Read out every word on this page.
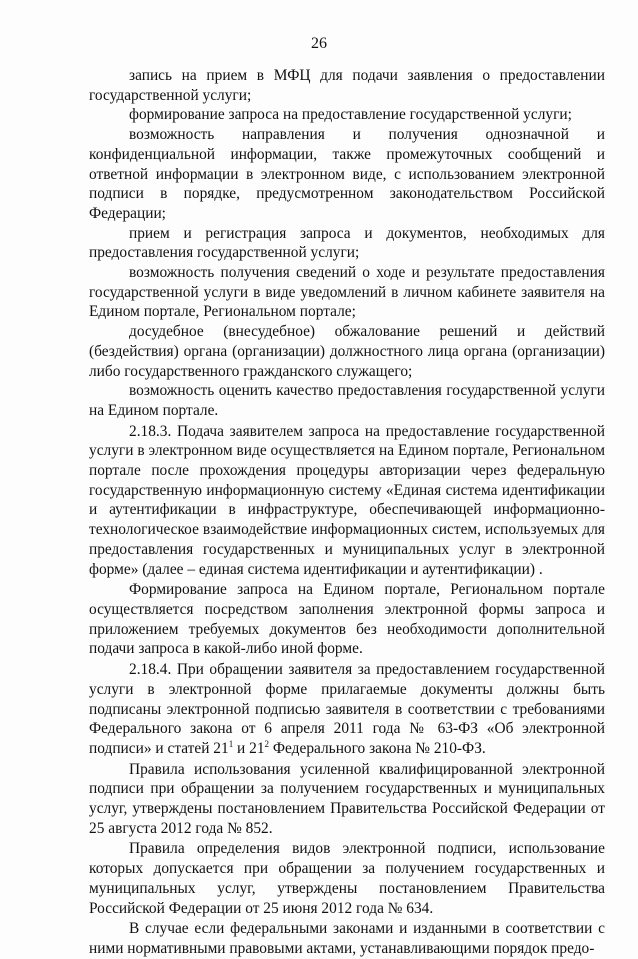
26

запись на прием в МФЦ для подачи заявления о предоставлении государственной услуги;

формирование запроса на предоставление государственной услуги;

возможность направления и получения однозначной и конфиденциальной информации, также промежуточных сообщений и ответной информации в электронном виде, с использованием электронной подписи в порядке, предусмотренном законодательством Российской Федерации;

прием и регистрация запроса и документов, необходимых для предоставления государственной услуги;

возможность получения сведений о ходе и результате предоставления государственной услуги в виде уведомлений в личном кабинете заявителя на Едином портале, Региональном портале;

досудебное (внесудебное) обжалование решений и действий (бездействия) органа (организации) должностного лица органа (организации) либо государственного гражданского служащего;

возможность оценить качество предоставления государственной услуги на Едином портале.

2.18.3. Подача заявителем запроса на предоставление государственной услуги в электронном виде осуществляется на Едином портале, Региональном портале после прохождения процедуры авторизации через федеральную государственную информационную систему «Единая система идентификации и аутентификации в инфраструктуре, обеспечивающей информационно-технологическое взаимодействие информационных систем, используемых для предоставления государственных и муниципальных услуг в электронной форме» (далее – единая система идентификации и аутентификации) .

Формирование запроса на Едином портале, Региональном портале осуществляется посредством заполнения электронной формы запроса и приложением требуемых документов без необходимости дополнительной подачи запроса в какой-либо иной форме.

2.18.4. При обращении заявителя за предоставлением государственной услуги в электронной форме прилагаемые документы должны быть подписаны электронной подписью заявителя в соответствии с требованиями Федерального закона от 6 апреля 2011 года № 63-ФЗ «Об электронной подписи» и статей $21^1$ и $21^2$ Федерального закона № 210-ФЗ.

Правила использования усиленной квалифицированной электронной подписи при обращении за получением государственных и муниципальных услуг, утверждены постановлением Правительства Российской Федерации от 25 августа 2012 года № 852.

Правила определения видов электронной подписи, использование которых допускается при обращении за получением государственных и муниципальных услуг, утверждены постановлением Правительства Российской Федерации от 25 июня 2012 года № 634.

В случае если федеральными законами и изданными в соответствии с ними нормативными правовыми актами, устанавливающими порядок предо-
